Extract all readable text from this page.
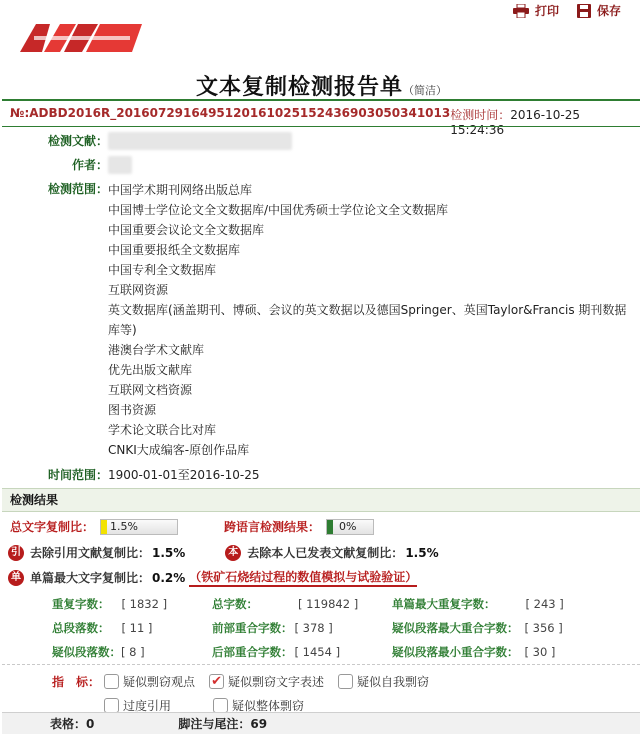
打印	保存
文本复制检测报告单（简洁）
№:ADBD2016R_2016072916495120161025152436903050341013 检测时间：2016-10-25 15:24:36
检测文献：
作者：
检测范围： 中国学术期刊网络出版总库
中国博士学位论文全文数据库/中国优秀硕士学位论文全文数据库
中国重要会议论文全文数据库
中国重要报纸全文数据库
中国专利全文数据库
互联网资源
英文数据库(涵盖期刊、博硕、会议的英文数据以及德国Springer、英国Taylor&Francis 期刊数据库等)
港澳台学术文献库
优先出版文献库
互联网文档资源
图书资源
学术论文联合比对库
CNKI大成编客-原创作品库
时间范围： 1900-01-01至2016-10-25
检测结果
总文字复制比：	1.5%	跨语言检测结果：	0%
引 去除引用文献复制比： 1.5%	本 去除本人已发表文献复制比： 1.5%
单 单篇最大文字复制比： 0.2% （铁矿石烧结过程的数值模拟与试验验证）
重复字数： [ 1832 ]	总字数：	[ 119842 ]	单篇最大重复字数：	[ 243 ]
总段落数： [ 11 ]	前部重合字数： [ 378 ]	疑似段落最大重合字数： [ 356 ]
疑似段落数： [ 8 ]	后部重合字数： [ 1454 ]	疑似段落最小重合字数： [ 30 ]
指　标：	疑似剽窃观点 ✔ 疑似剽窃文字表述	疑似自我剽窃
过度引用	疑似整体剽窃
表格： 0	脚注与尾注： 69
